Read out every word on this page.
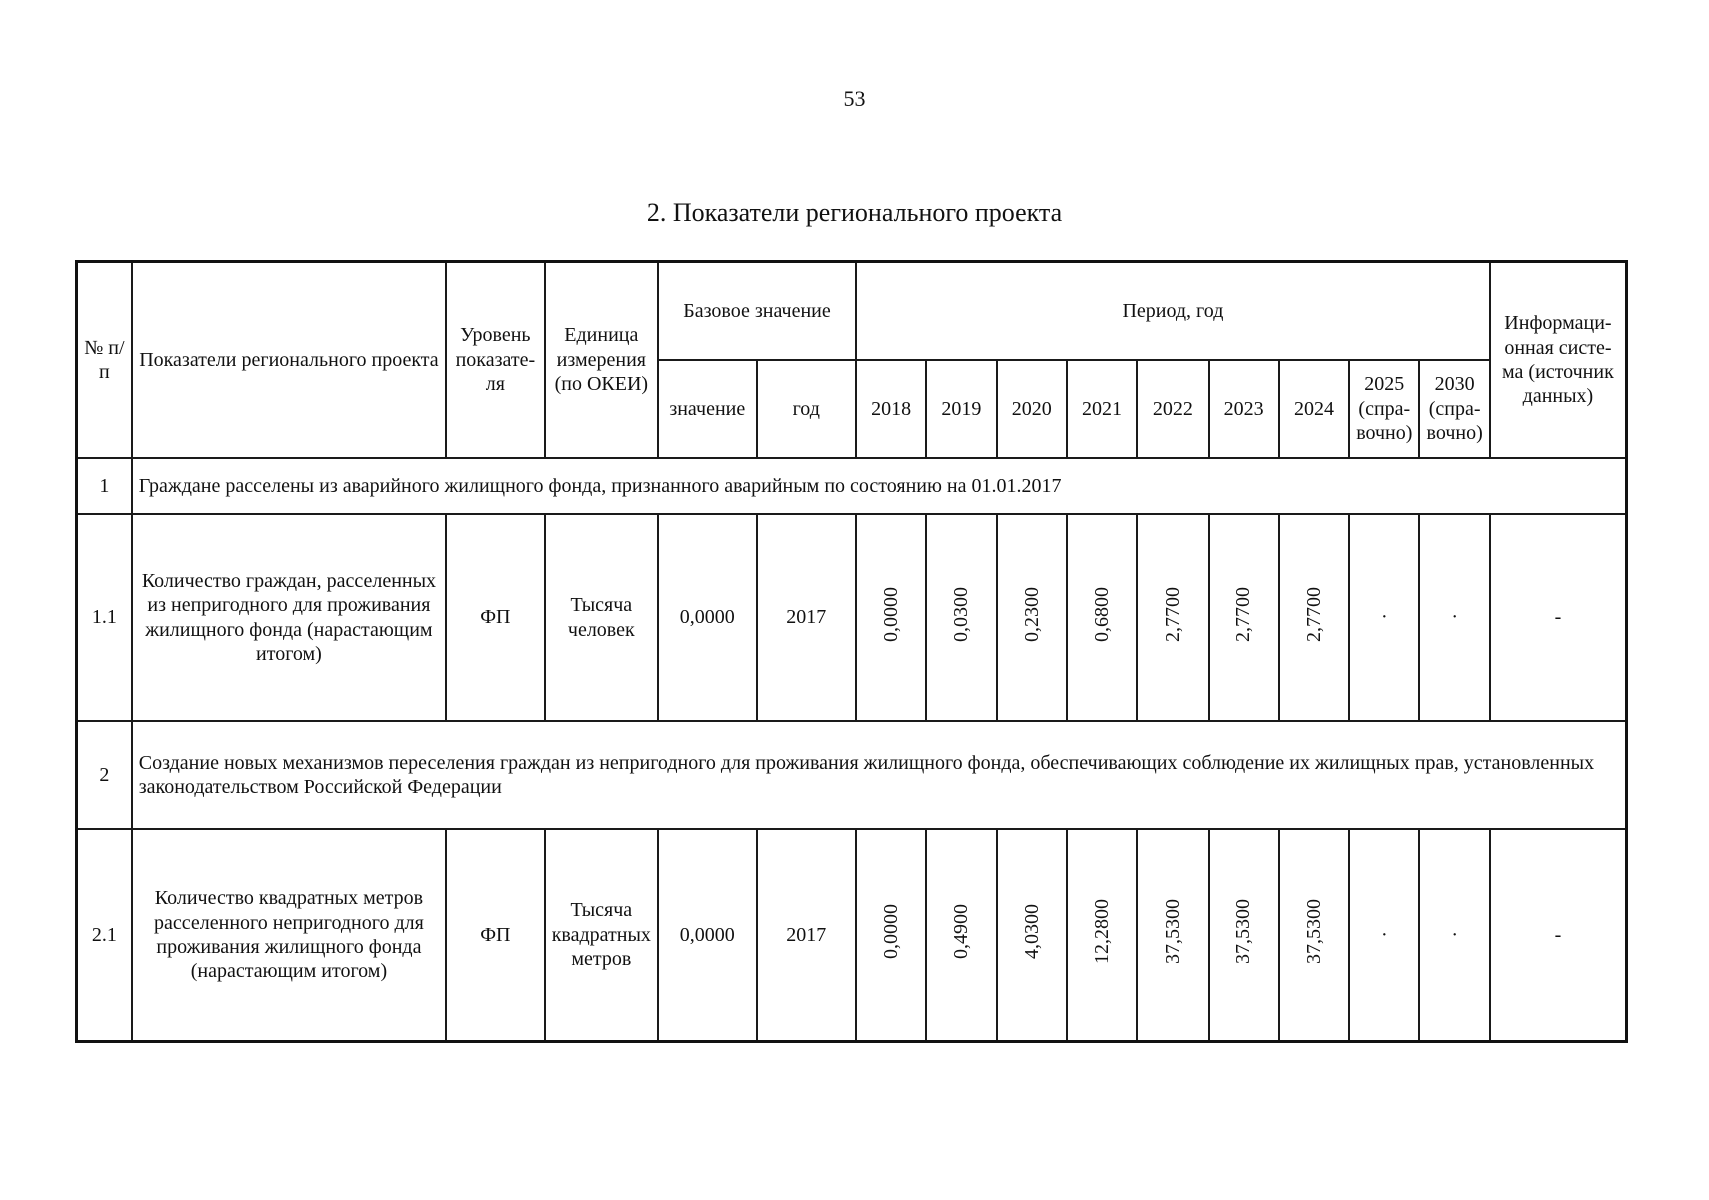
53
2. Показатели регионального проекта
№ п/п	Показатели регионального проекта	Уровень показате-ля	Единица измерения (по ОКЕИ)	Базовое значение		Период, год									Информаци-онная систе-ма (источник данных)
				значение	год	2018	2019	2020	2021	2022	2023	2024	2025 (спра-вочно)	2030 (спра-вочно)	
1	Граждане расселены из аварийного жилищного фонда, признанного аварийным по состоянию на 01.01.2017														
1.1	Количество граждан, расселенных из непригодного для проживания жилищного фонда (нарастающим итогом)	ФП	Тысяча человек	0,0000	2017	0,0000	0,0300	0,2300	0,6800	2,7700	2,7700	2,7700	·	·	-
2	Создание новых механизмов переселения граждан из непригодного для проживания жилищного фонда, обеспечивающих соблюдение их жилищных прав, установленных законодательством Российской Федерации														
2.1	Количество квадратных метров расселенного непригодного для проживания жилищного фонда (нарастающим итогом)	ФП	Тысяча квадратных метров	0,0000	2017	0,0000	0,4900	4,0300	12,2800	37,5300	37,5300	37,5300	·	·	-
